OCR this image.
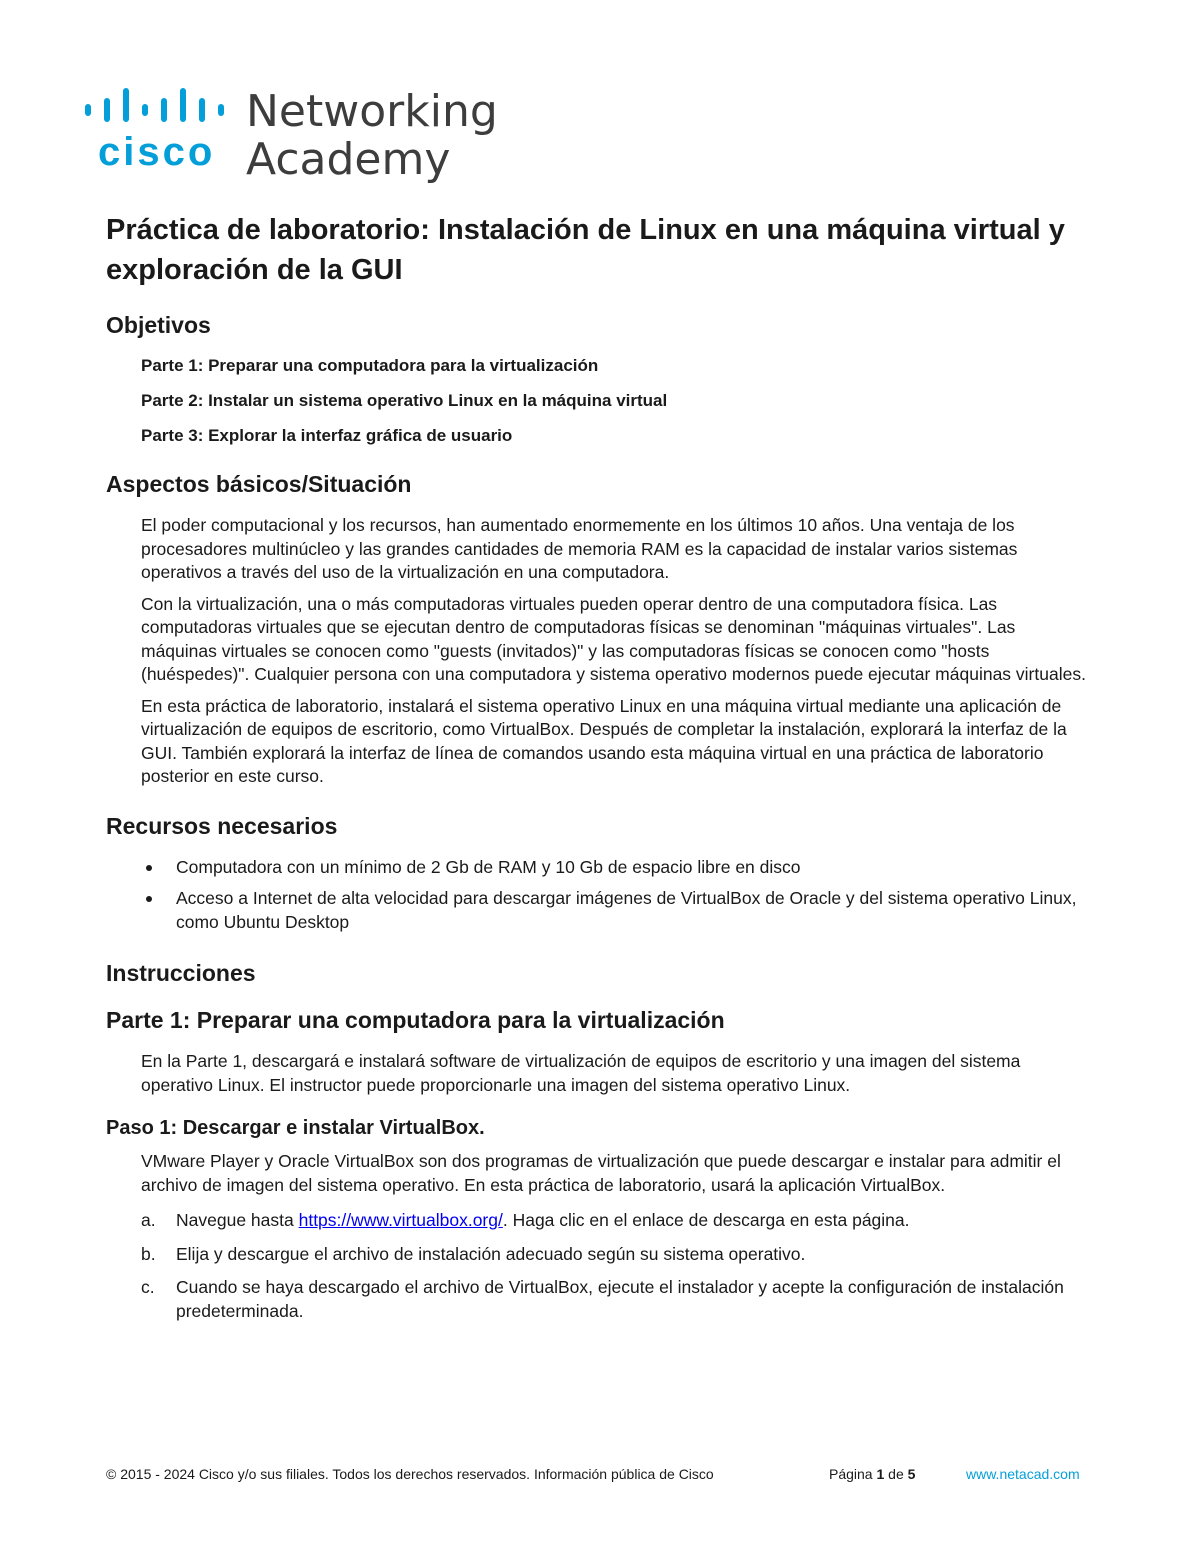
cisco
Networking
Academy
Práctica de laboratorio: Instalación de Linux en una máquina virtual y exploración de la GUI
Objetivos
Parte 1: Preparar una computadora para la virtualización
Parte 2: Instalar un sistema operativo Linux en la máquina virtual
Parte 3: Explorar la interfaz gráfica de usuario
Aspectos básicos/Situación

El poder computacional y los recursos, han aumentado enormemente en los últimos 10 años. Una ventaja de los procesadores multinúcleo y las grandes cantidades de memoria RAM es la capacidad de instalar varios sistemas operativos a través del uso de la virtualización en una computadora.

Con la virtualización, una o más computadoras virtuales pueden operar dentro de una computadora física. Las computadoras virtuales que se ejecutan dentro de computadoras físicas se denominan "máquinas virtuales". Las máquinas virtuales se conocen como "guests (invitados)" y las computadoras físicas se conocen como "hosts (huéspedes)". Cualquier persona con una computadora y sistema operativo modernos puede ejecutar máquinas virtuales.

En esta práctica de laboratorio, instalará el sistema operativo Linux en una máquina virtual mediante una aplicación de virtualización de equipos de escritorio, como VirtualBox. Después de completar la instalación, explorará la interfaz de la GUI. También explorará la interfaz de línea de comandos usando esta máquina virtual en una práctica de laboratorio posterior en este curso.

Recursos necesarios
Computadora con un mínimo de 2 Gb de RAM y 10 Gb de espacio libre en disco
Acceso a Internet de alta velocidad para descargar imágenes de VirtualBox de Oracle y del sistema operativo Linux, como Ubuntu Desktop
Instrucciones
Parte 1: Preparar una computadora para la virtualización

En la Parte 1, descargará e instalará software de virtualización de equipos de escritorio y una imagen del sistema operativo Linux. El instructor puede proporcionarle una imagen del sistema operativo Linux.

Paso 1: Descargar e instalar VirtualBox.

VMware Player y Oracle VirtualBox son dos programas de virtualización que puede descargar e instalar para admitir el archivo de imagen del sistema operativo. En esta práctica de laboratorio, usará la aplicación VirtualBox.

a. Navegue hasta https://www.virtualbox.org/. Haga clic en el enlace de descarga en esta página.
b. Elija y descargue el archivo de instalación adecuado según su sistema operativo.
c. Cuando se haya descargado el archivo de VirtualBox, ejecute el instalador y acepte la configuración de instalación predeterminada.
© 2015 - 2024 Cisco y/o sus filiales. Todos los derechos reservados. Información pública de Cisco	Página 1 de 5	www.netacad.com
